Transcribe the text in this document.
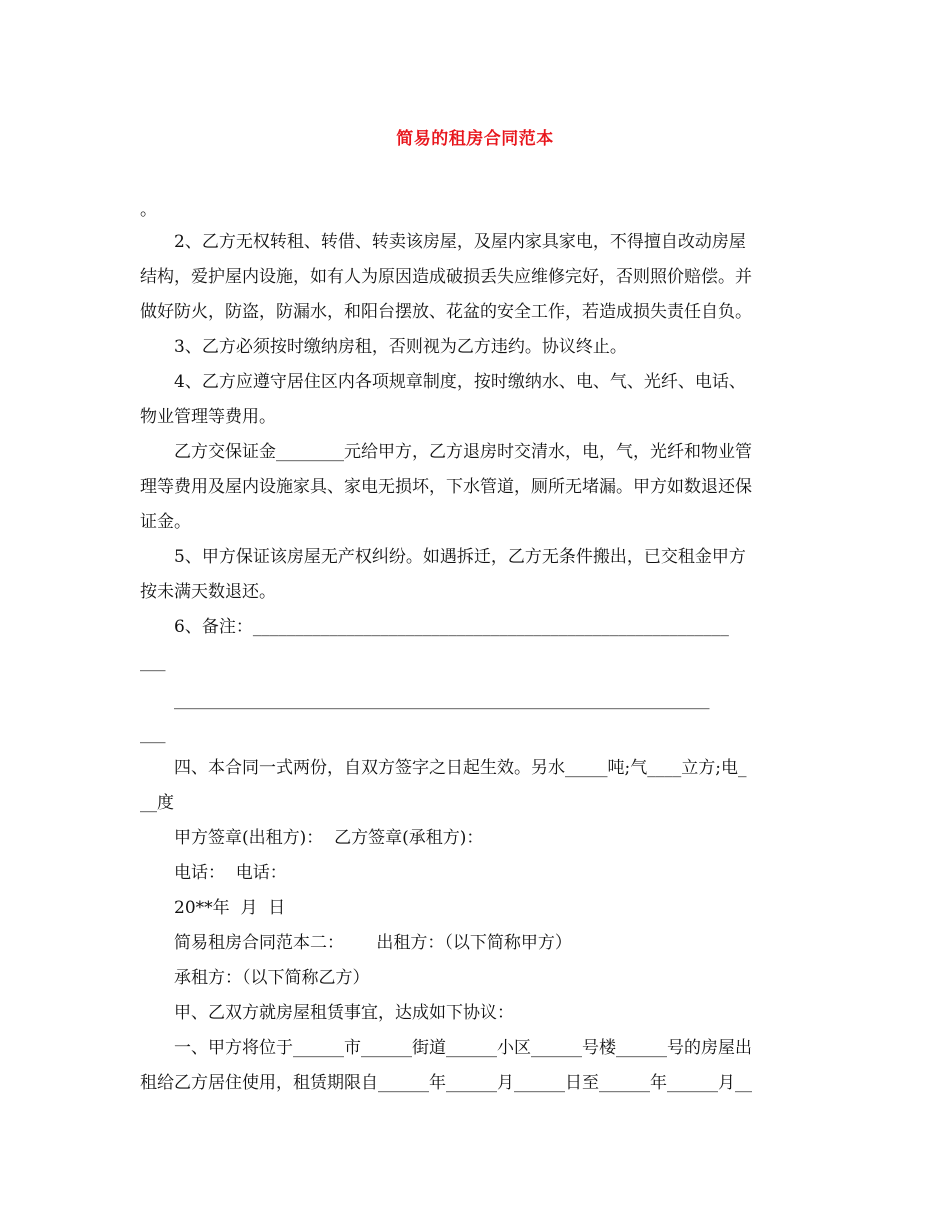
简易的租房合同范本
。
2、乙方无权转租、转借、转卖该房屋，及屋内家具家电，不得擅自改动房屋
结构，爱护屋内设施，如有人为原因造成破损丢失应维修完好，否则照价赔偿。并
做好防火，防盗，防漏水，和阳台摆放、花盆的安全工作，若造成损失责任自负。
3、乙方必须按时缴纳房租，否则视为乙方违约。协议终止。
4、乙方应遵守居住区内各项规章制度，按时缴纳水、电、气、光纤、电话、
物业管理等费用。
乙方交保证金________元给甲方，乙方退房时交清水，电，气，光纤和物业管
理等费用及屋内设施家具、家电无损坏，下水管道，厕所无堵漏。甲方如数退还保
证金。
5、甲方保证该房屋无产权纠纷。如遇拆迁，乙方无条件搬出，已交租金甲方
按未满天数退还。
6、备注：________________________________________________________
___
_______________________________________________________________
___
四、本合同一式两份，自双方签字之日起生效。另水_____吨;气____立方;电_
__度
甲方签章(出租方)：  乙方签章(承租方)：
电话：  电话：
20**年  月  日
简易租房合同范本二：      出租方：（以下简称甲方）
承租方：（以下简称乙方）
甲、乙双方就房屋租赁事宜，达成如下协议：
一、甲方将位于______市______街道______小区______号楼______号的房屋出
租给乙方居住使用，租赁期限自______年______月______日至______年______月__
